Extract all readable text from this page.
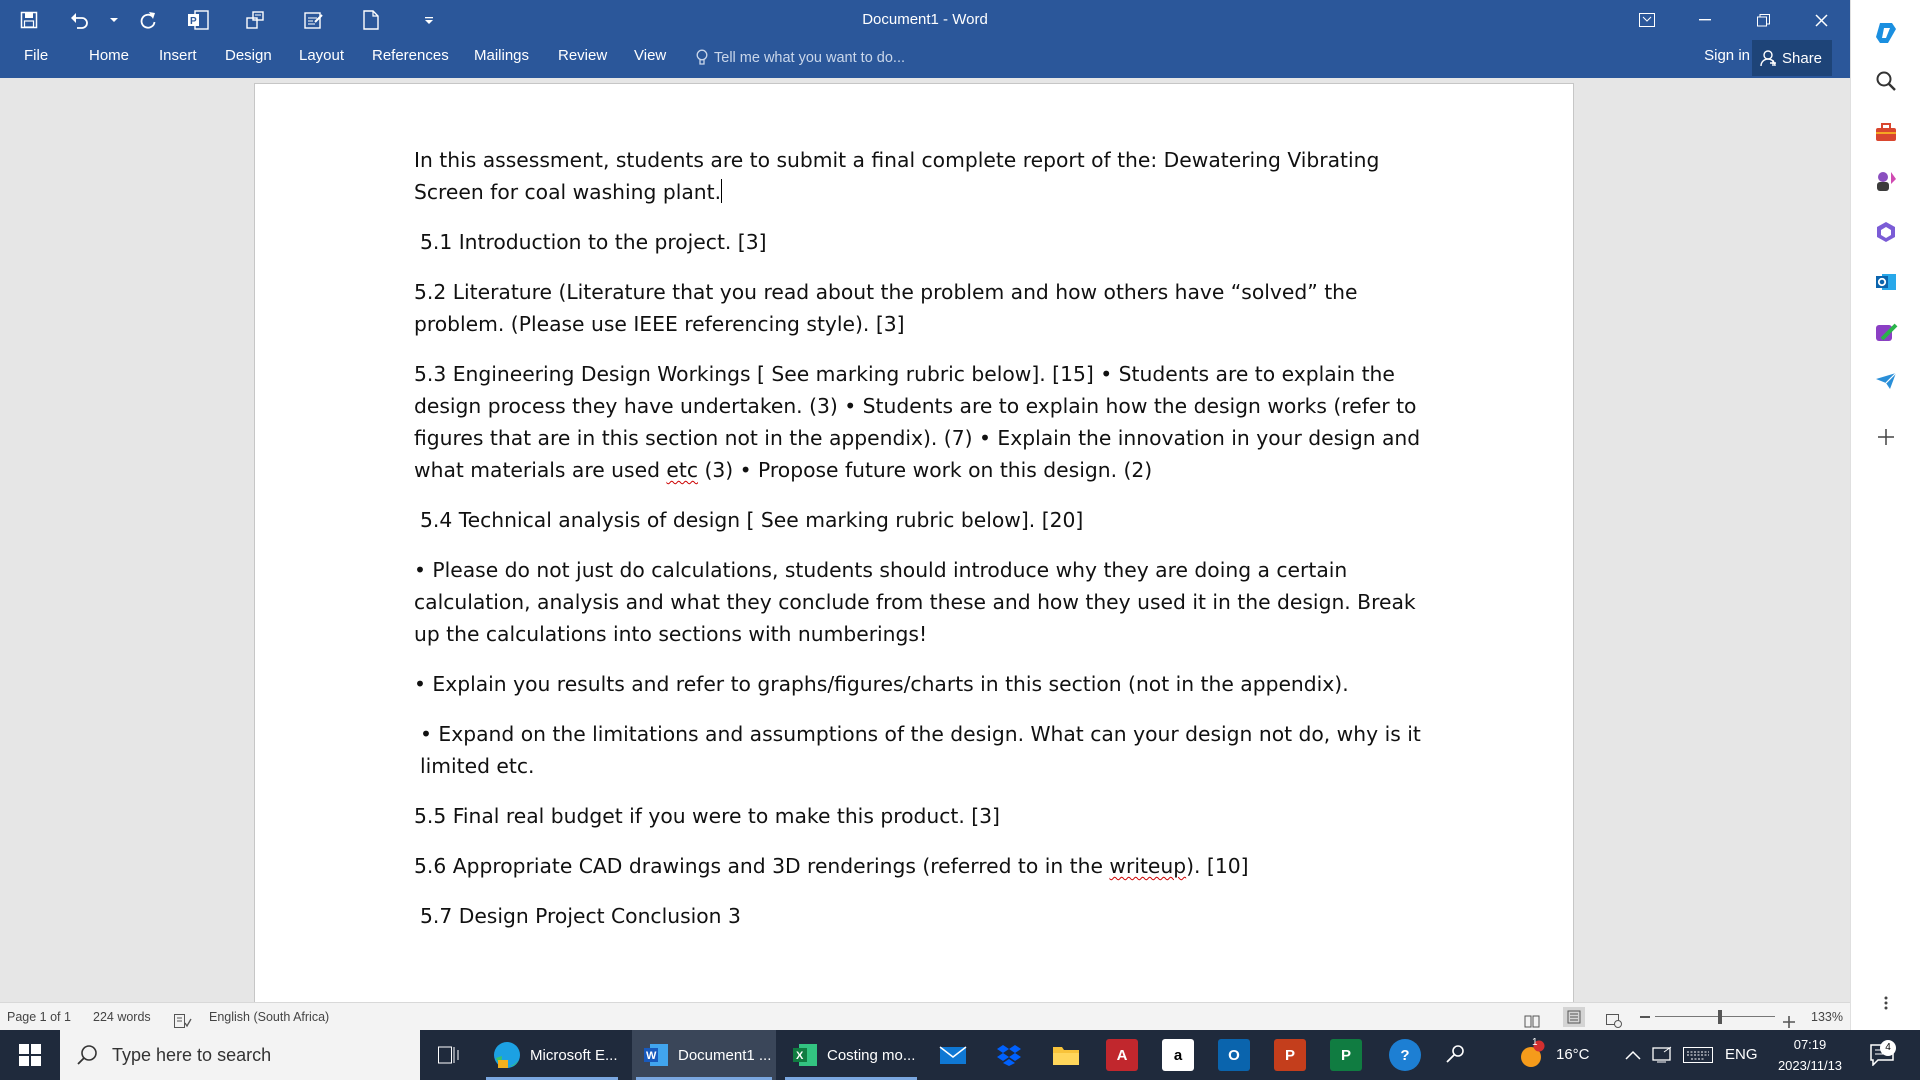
P	Document1 - Word
File	Home	Insert	Design	Layout	References	Mailings	Review	View	Tell me what you want to do...	Sign in Share

In this assessment, students are to submit a final complete report of the: Dewatering Vibrating Screen for coal washing plant.

5.1 Introduction to the project. [3]

5.2 Literature (Literature that you read about the problem and how others have “solved” the problem. (Please use IEEE referencing style). [3]

5.3 Engineering Design Workings [ See marking rubric below]. [15] • Students are to explain the design process they have undertaken. (3) • Students are to explain how the design works (refer to figures that are in this section not in the appendix). (7) • Explain the innovation in your design and what materials are used etc (3) • Propose future work on this design. (2)

5.4 Technical analysis of design [ See marking rubric below]. [20]

• Please do not just do calculations, students should introduce why they are doing a certain calculation, analysis and what they conclude from these and how they used it in the design. Break up the calculations into sections with numberings!

• Explain you results and refer to graphs/figures/charts in this section (not in the appendix).

• Expand on the limitations and assumptions of the design. What can your design not do, why is it limited etc.

5.5 Final real budget if you were to make this product. [3]

5.6 Appropriate CAD drawings and 3D renderings (referred to in the writeup). [10]

5.7 Design Project Conclusion 3

Page 1 of 1 224 words	English (South Africa)	133%
Type here to search	Microsoft E...	W Document1 ... X Costing mo...	A	a	O	P	P	?
1
16°C	ENG
07:19
2023/11/13
4
